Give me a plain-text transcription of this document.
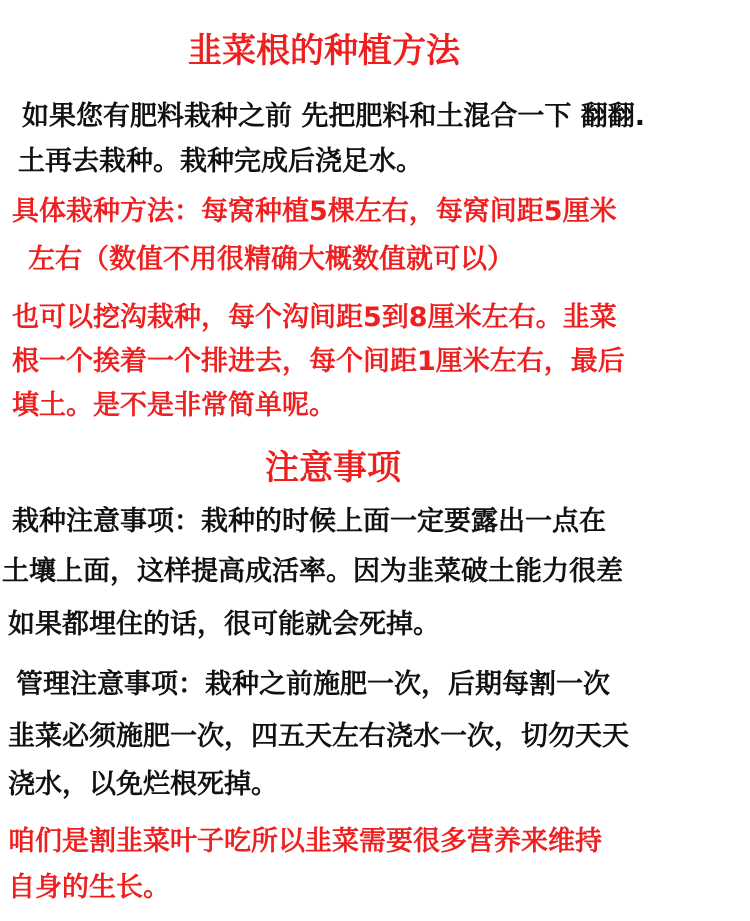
韭菜根的种植方法
如果您有肥料栽种之前 先把肥料和土混合一下 翻翻.
土再去栽种。栽种完成后浇足水。
具体栽种方法：每窝种植5棵左右，每窝间距5厘米
左右（数值不用很精确大概数值就可以）
也可以挖沟栽种，每个沟间距5到8厘米左右。韭菜
根一个挨着一个排进去，每个间距1厘米左右，最后
填土。是不是非常简单呢。
注意事项
栽种注意事项：栽种的时候上面一定要露出一点在
土壤上面，这样提高成活率。因为韭菜破土能力很差
如果都埋住的话，很可能就会死掉。
管理注意事项：栽种之前施肥一次，后期每割一次
韭菜必须施肥一次，四五天左右浇水一次，切勿天天
浇水，以免烂根死掉。
咱们是割韭菜叶子吃所以韭菜需要很多营养来维持
自身的生长。
